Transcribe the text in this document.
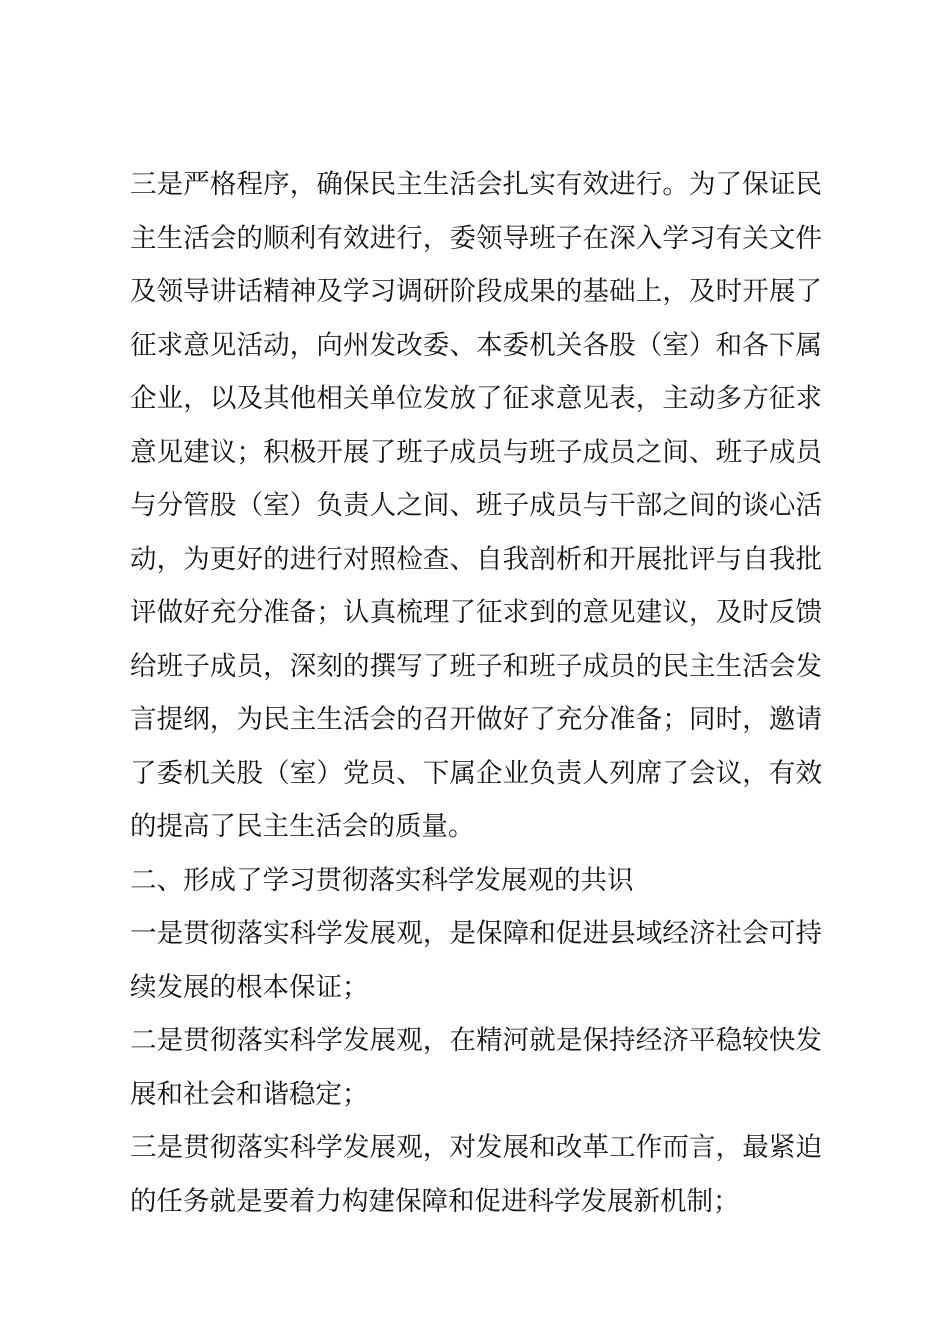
三是严格程序，确保民主生活会扎实有效进行。为了保证民主生活会的顺利有效进行，委领导班子在深入学习有关文件及领导讲话精神及学习调研阶段成果的基础上，及时开展了征求意见活动，向州发改委、本委机关各股（室）和各下属企业，以及其他相关单位发放了征求意见表，主动多方征求意见建议；积极开展了班子成员与班子成员之间、班子成员与分管股（室）负责人之间、班子成员与干部之间的谈心活动，为更好的进行对照检查、自我剖析和开展批评与自我批评做好充分准备；认真梳理了征求到的意见建议，及时反馈给班子成员，深刻的撰写了班子和班子成员的民主生活会发言提纲，为民主生活会的召开做好了充分准备；同时，邀请了委机关股（室）党员、下属企业负责人列席了会议，有效的提高了民主生活会的质量。

二、形成了学习贯彻落实科学发展观的共识

一是贯彻落实科学发展观，是保障和促进县域经济社会可持续发展的根本保证；

二是贯彻落实科学发展观，在精河就是保持经济平稳较快发展和社会和谐稳定；

三是贯彻落实科学发展观，对发展和改革工作而言，最紧迫的任务就是要着力构建保障和促进科学发展新机制；
